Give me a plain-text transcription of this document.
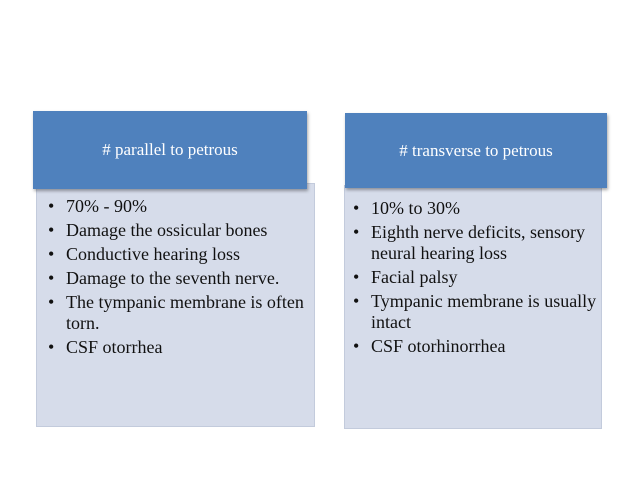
# parallel to petrous
• 70% - 90%
• Damage the ossicular bones
• Conductive hearing loss
• Damage to the seventh nerve.
• The tympanic membrane is often torn.
• CSF otorrhea
# transverse to petrous
• 10% to 30%
• Eighth nerve deficits, sensory neural hearing loss
• Facial palsy
• Tympanic membrane is usually intact
• CSF otorhinorrhea
